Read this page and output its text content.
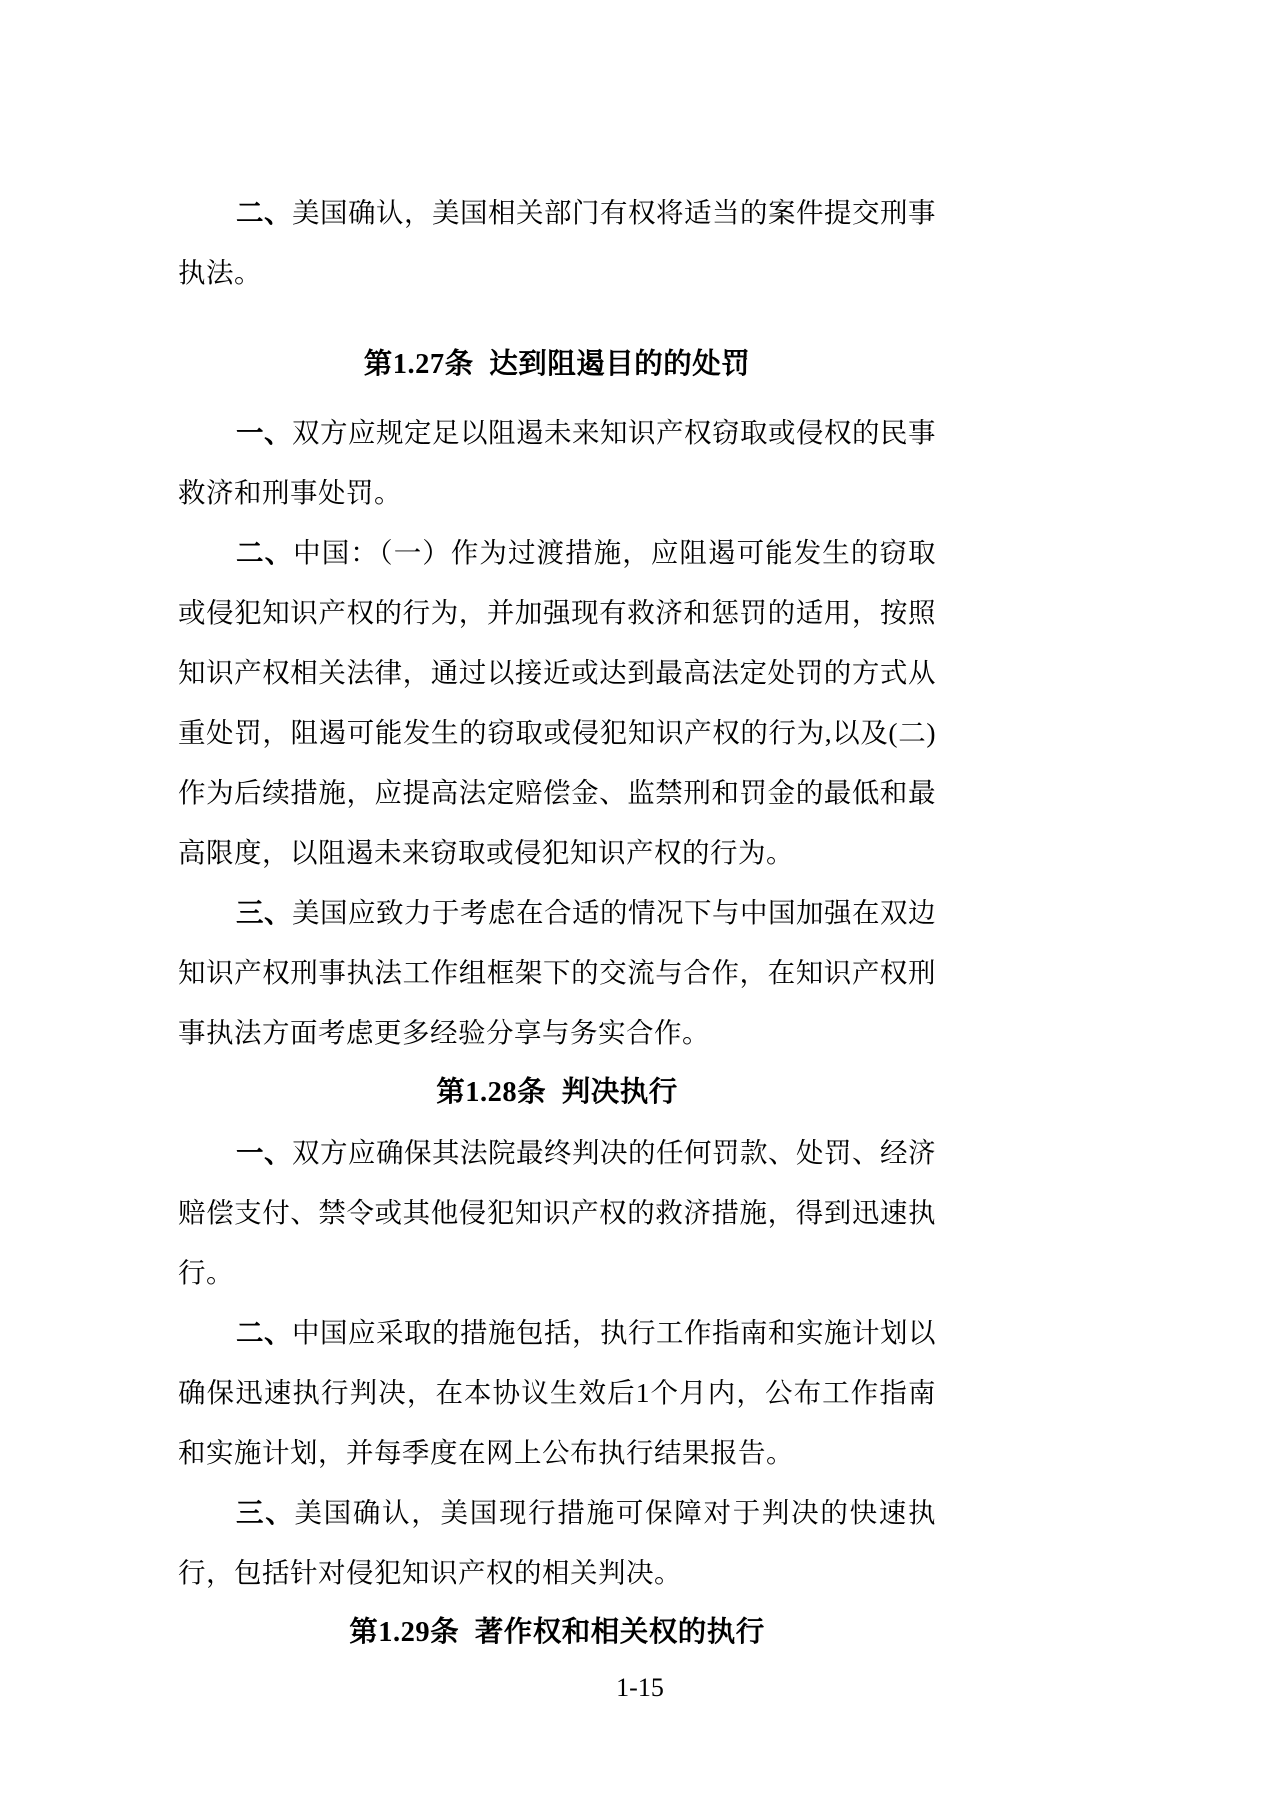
二、美国确认，美国相关部门有权将适当的案件提交刑事执法。

第1.27条 达到阻遏目的的处罚

一、双方应规定足以阻遏未来知识产权窃取或侵权的民事救济和刑事处罚。

二、中国：（一）作为过渡措施，应阻遏可能发生的窃取或侵犯知识产权的行为，并加强现有救济和惩罚的适用，按照知识产权相关法律，通过以接近或达到最高法定处罚的方式从重处罚，阻遏可能发生的窃取或侵犯知识产权的行为,以及(二)作为后续措施，应提高法定赔偿金、监禁刑和罚金的最低和最高限度，以阻遏未来窃取或侵犯知识产权的行为。

三、美国应致力于考虑在合适的情况下与中国加强在双边知识产权刑事执法工作组框架下的交流与合作，在知识产权刑事执法方面考虑更多经验分享与务实合作。

第1.28条 判决执行

一、双方应确保其法院最终判决的任何罚款、处罚、经济赔偿支付、禁令或其他侵犯知识产权的救济措施，得到迅速执行。

二、中国应采取的措施包括，执行工作指南和实施计划以确保迅速执行判决，在本协议生效后1个月内，公布工作指南和实施计划，并每季度在网上公布执行结果报告。

三、美国确认，美国现行措施可保障对于判决的快速执行，包括针对侵犯知识产权的相关判决。

第1.29条 著作权和相关权的执行
1-15
